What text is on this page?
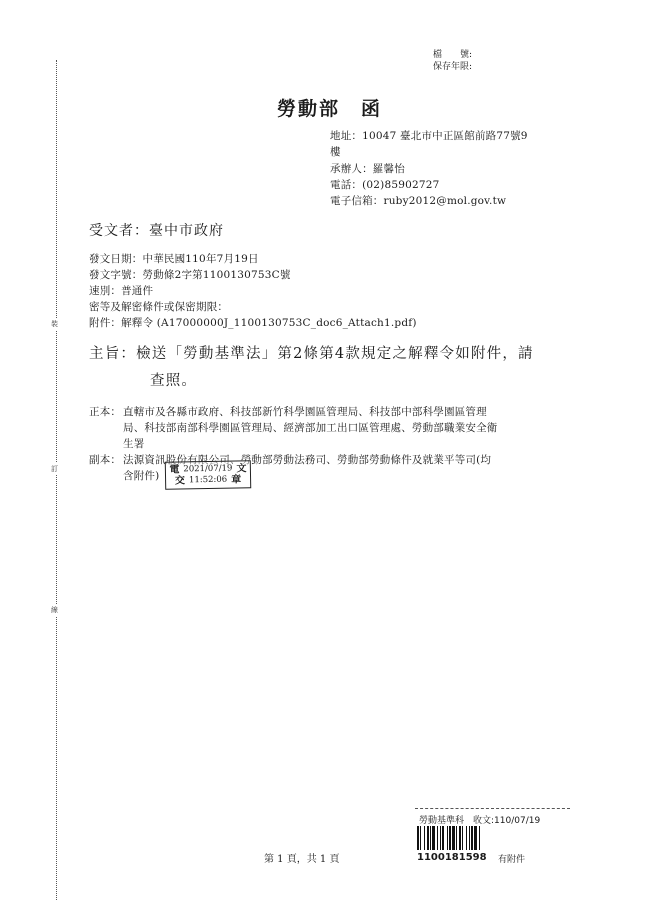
裝
訂
線
檔　　號:
保存年限:
勞動部　函
地址：10047 臺北市中正區館前路77號9
樓
承辦人：羅馨怡
電話：(02)85902727
電子信箱：ruby2012@mol.gov.tw
受文者：臺中市政府
發文日期：中華民國110年7月19日
發文字號：勞動條2字第1100130753C號
速別：普通件
密等及解密條件或保密期限：
附件：解釋令 (A17000000J_1100130753C_doc6_Attach1.pdf)
主旨：檢送「勞動基準法」第2條第4款規定之解釋令如附件，請
查照。
正本： 直轄市及各縣市政府、科技部新竹科學園區管理局、科技部中部科學園區管理
局、科技部南部科學園區管理局、經濟部加工出口區管理處、勞動部職業安全衛
生署
副本： 法源資訊股份有限公司、勞動部勞動法務司、勞動部勞動條件及就業平等司(均
含附件) 電 2021/07/19 文
交 11:52:06 章
第 1 頁，共 1 頁
勞動基準科　收文:110/07/19
1100181598 有附件
